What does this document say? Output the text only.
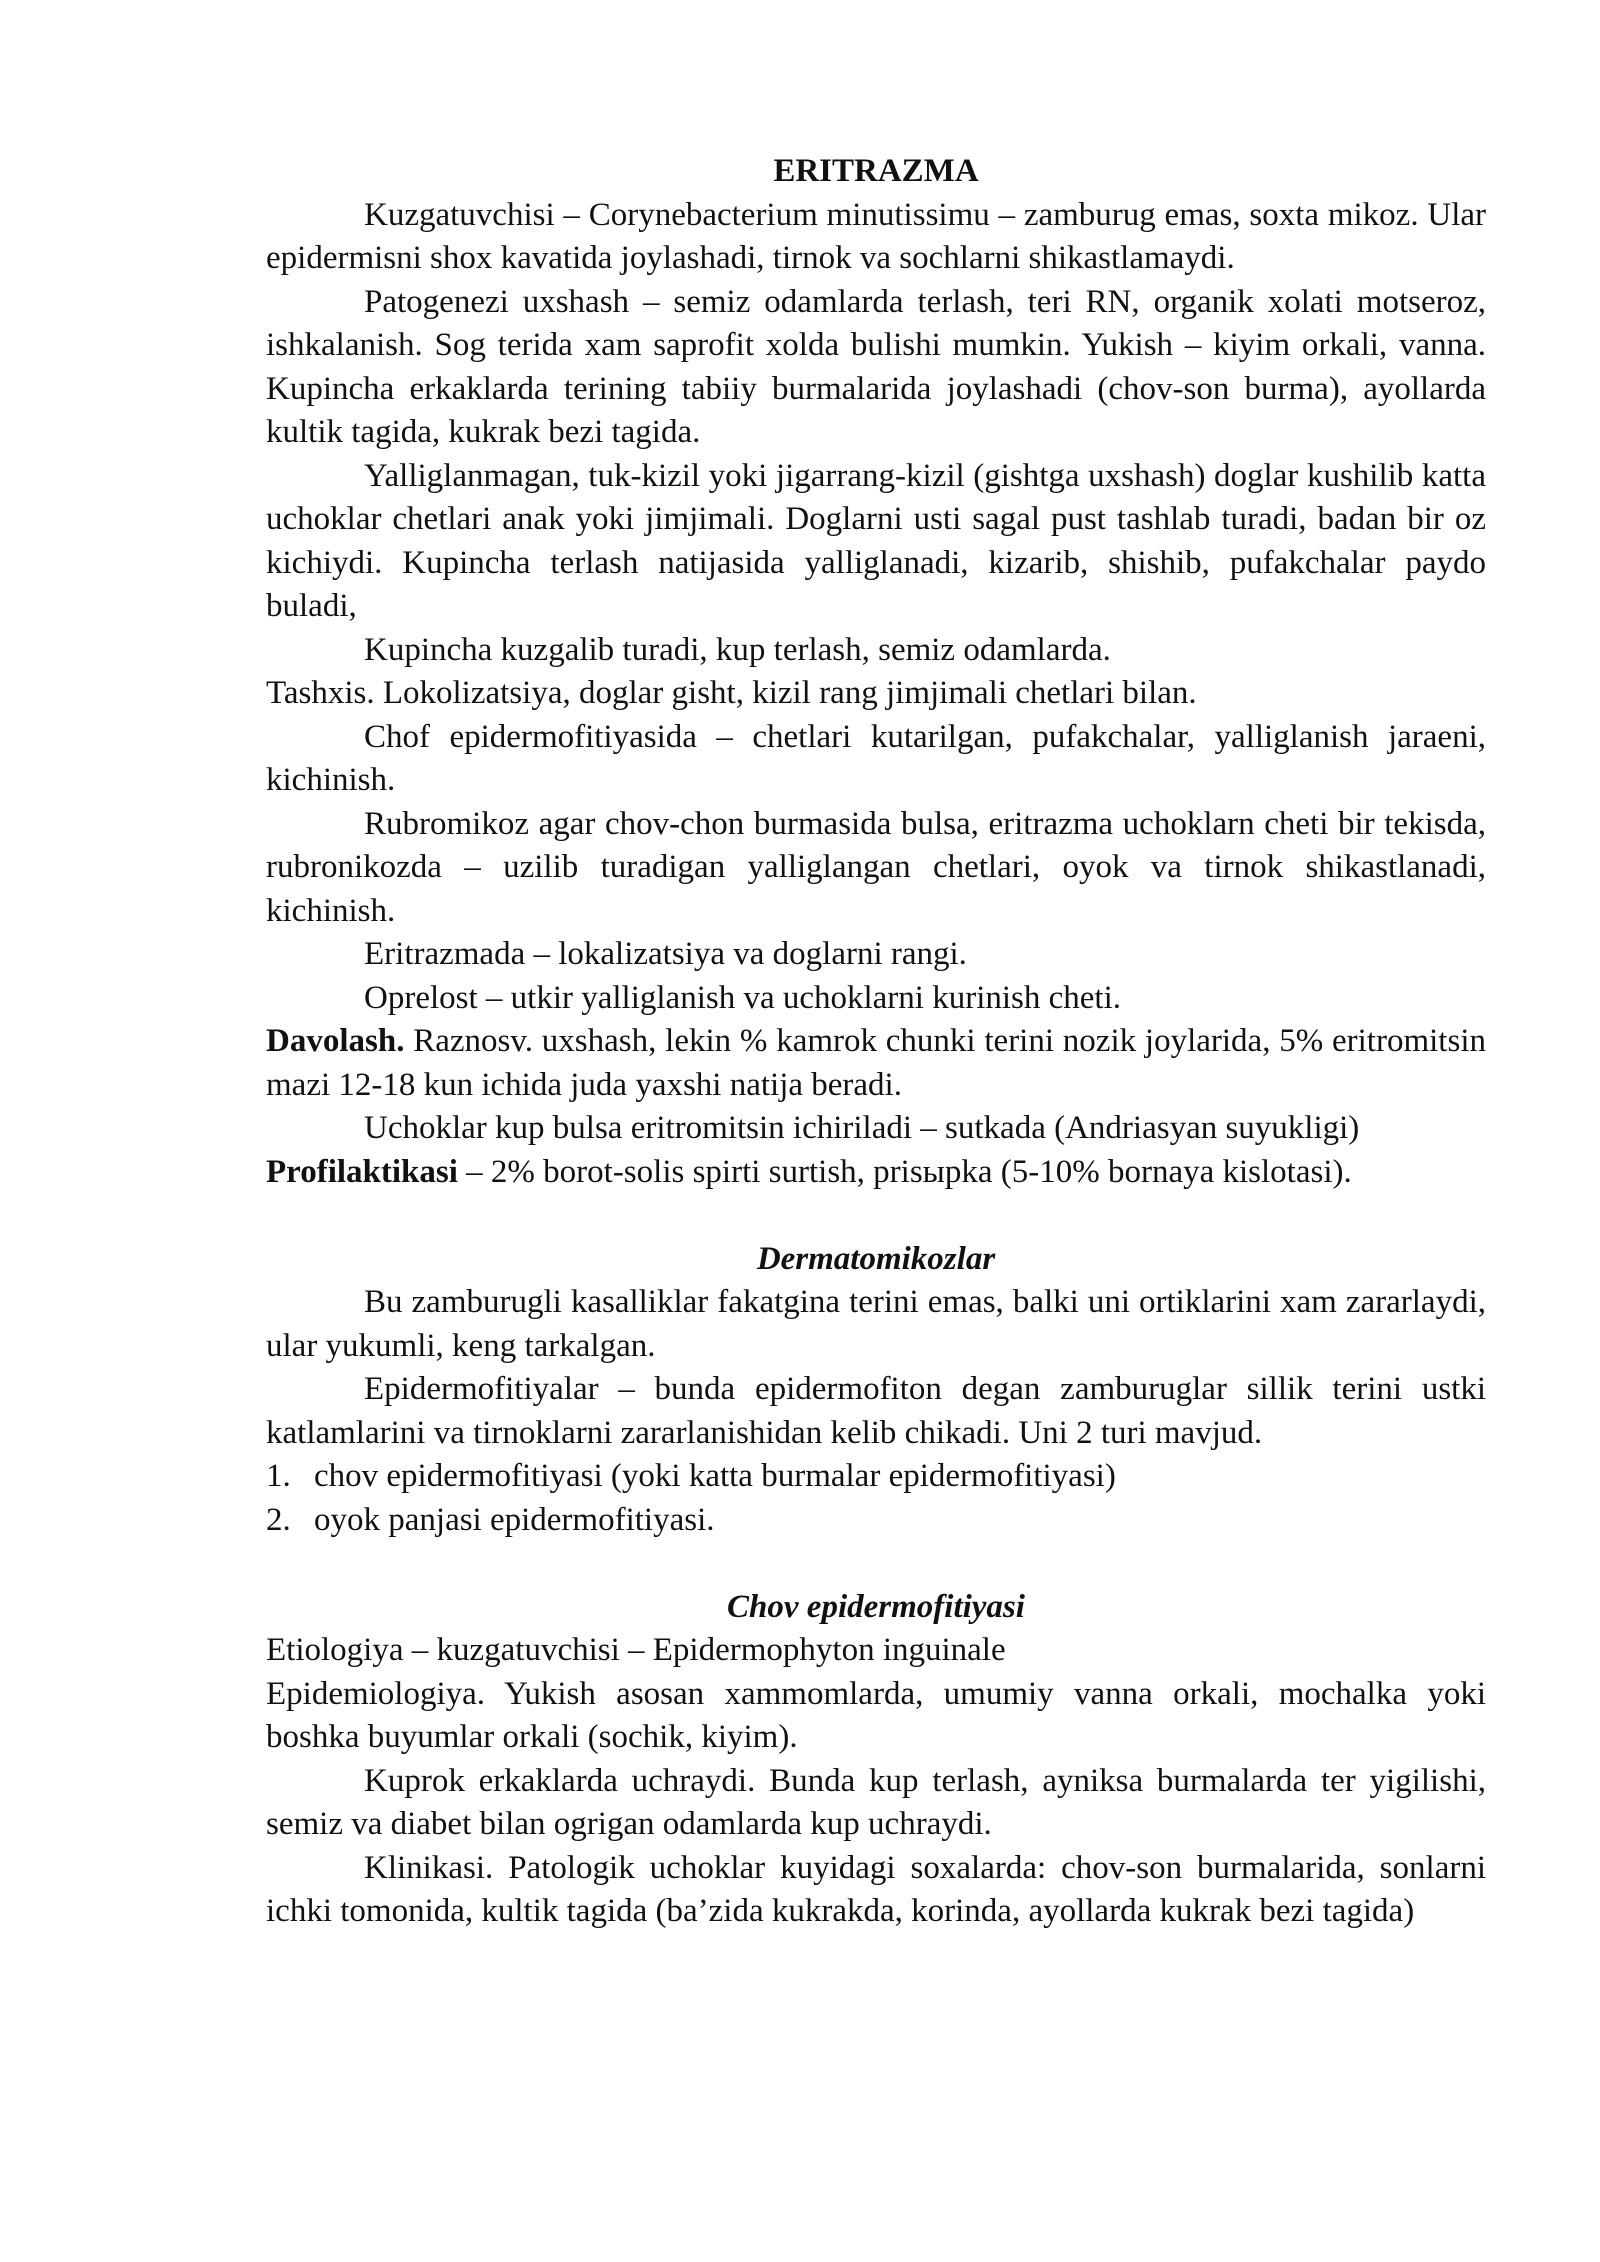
ERITRAZMA

Kuzgatuvchisi – Corynebacterium minutissimu – zamburug emas, soxta mikoz. Ular epidermisni shox kavatida joylashadi, tirnok va sochlarni shikastlamaydi.

Patogenezi uxshash – semiz odamlarda terlash, teri RN, organik xolati motseroz, ishkalanish. Sog terida xam saprofit xolda bulishi mumkin. Yukish – kiyim orkali, vanna. Kupincha erkaklarda terining tabiiy burmalarida joylashadi (chov-son burma), ayollarda kultik tagida, kukrak bezi tagida.

Yalliglanmagan, tuk-kizil yoki jigarrang-kizil (gishtga uxshash) doglar kushilib katta uchoklar chetlari anak yoki jimjimali. Doglarni usti sagal pust tashlab turadi, badan bir oz kichiydi. Kupincha terlash natijasida yalliglanadi, kizarib, shishib, pufakchalar paydo buladi,

Kupincha kuzgalib turadi, kup terlash, semiz odamlarda.

Tashxis. Lokolizatsiya, doglar gisht, kizil rang jimjimali chetlari bilan.

Chof epidermofitiyasida – chetlari kutarilgan, pufakchalar, yalliglanish jaraeni, kichinish.

Rubromikoz agar chov-chon burmasida bulsa, eritrazma uchoklarn cheti bir tekisda, rubronikozda – uzilib turadigan yalliglangan chetlari, oyok va tirnok shikastlanadi, kichinish.

Eritrazmada – lokalizatsiya va doglarni rangi.

Oprelost – utkir yalliglanish va uchoklarni kurinish cheti.

Davolash. Raznosv. uxshash, lekin % kamrok chunki terini nozik joylarida, 5% eritromitsin mazi 12-18 kun ichida juda yaxshi natija beradi.

Uchoklar kup bulsa eritromitsin ichiriladi – sutkada (Andriasyan suyukligi)

Profilaktikasi – 2% borot-solis spirti surtish, prisыpka (5-10% bornaya kislotasi).

Dermatomikozlar

Bu zamburugli kasalliklar fakatgina terini emas, balki uni ortiklarini xam zararlaydi, ular yukumli, keng tarkalgan.

Epidermofitiyalar – bunda epidermofiton degan zamburuglar sillik terini ustki katlamlarini va tirnoklarni zararlanishidan kelib chikadi. Uni 2 turi mavjud.

1. chov epidermofitiyasi (yoki katta burmalar epidermofitiyasi)
2. oyok panjasi epidermofitiyasi.

Chov epidermofitiyasi

Etiologiya – kuzgatuvchisi – Epidermophyton inguinale

Epidemiologiya. Yukish asosan xammomlarda, umumiy vanna orkali, mochalka yoki boshka buyumlar orkali (sochik, kiyim).

Kuprok erkaklarda uchraydi. Bunda kup terlash, ayniksa burmalarda ter yigilishi, semiz va diabet bilan ogrigan odamlarda kup uchraydi.

Klinikasi. Patologik uchoklar kuyidagi soxalarda: chov-son burmalarida, sonlarni ichki tomonida, kultik tagida (ba’zida kukrakda, korinda, ayollarda kukrak bezi tagida)
